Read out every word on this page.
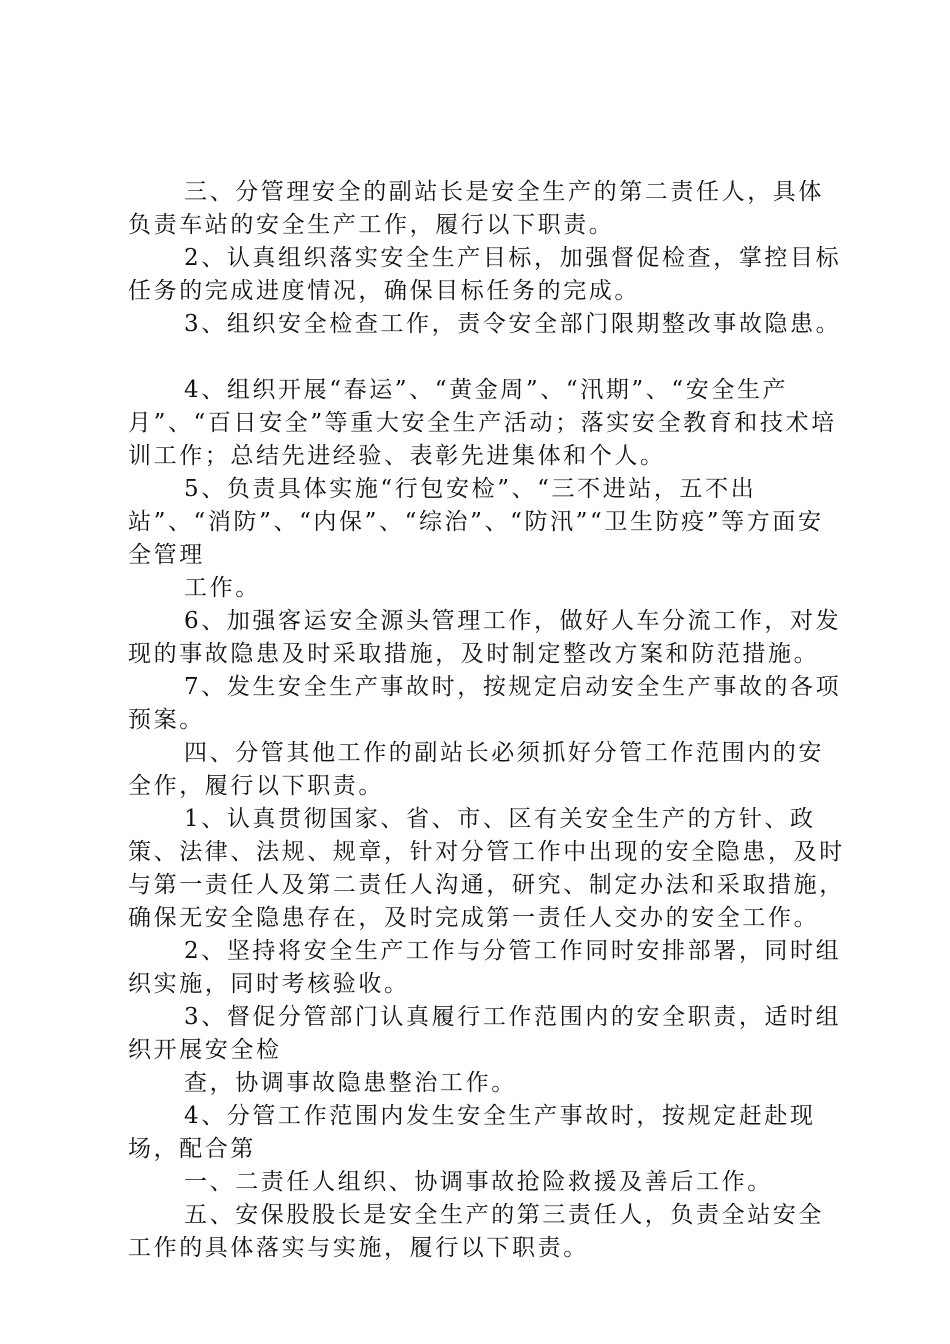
三、分管理安全的副站长是安全生产的第二责任人，具体负责车站的安全生产工作，履行以下职责。

2、认真组织落实安全生产目标，加强督促检查，掌控目标任务的完成进度情况，确保目标任务的完成。

3、组织安全检查工作，责令安全部门限期整改事故隐患。

4、组织开展“春运”、“黄金周”、“汛期”、“安全生产月”、“百日安全”等重大安全生产活动；落实安全教育和技术培训工作；总结先进经验、表彰先进集体和个人。

5、负责具体实施“行包安检”、“三不进站，五不出站”、“消防”、“内保”、“综治”、“防汛”“卫生防疫”等方面安全管理

工作。

6、加强客运安全源头管理工作，做好人车分流工作，对发现的事故隐患及时采取措施，及时制定整改方案和防范措施。

7、发生安全生产事故时，按规定启动安全生产事故的各项预案。

四、分管其他工作的副站长必须抓好分管工作范围内的安全作，履行以下职责。

1、认真贯彻国家、省、市、区有关安全生产的方针、政策、法律、法规、规章，针对分管工作中出现的安全隐患，及时与第一责任人及第二责任人沟通，研究、制定办法和采取措施，确保无安全隐患存在，及时完成第一责任人交办的安全工作。

2、坚持将安全生产工作与分管工作同时安排部署，同时组织实施，同时考核验收。

3、督促分管部门认真履行工作范围内的安全职责，适时组织开展安全检

查，协调事故隐患整治工作。

4、分管工作范围内发生安全生产事故时，按规定赶赴现场，配合第

一、二责任人组织、协调事故抢险救援及善后工作。

五、安保股股长是安全生产的第三责任人，负责全站安全工作的具体落实与实施，履行以下职责。
